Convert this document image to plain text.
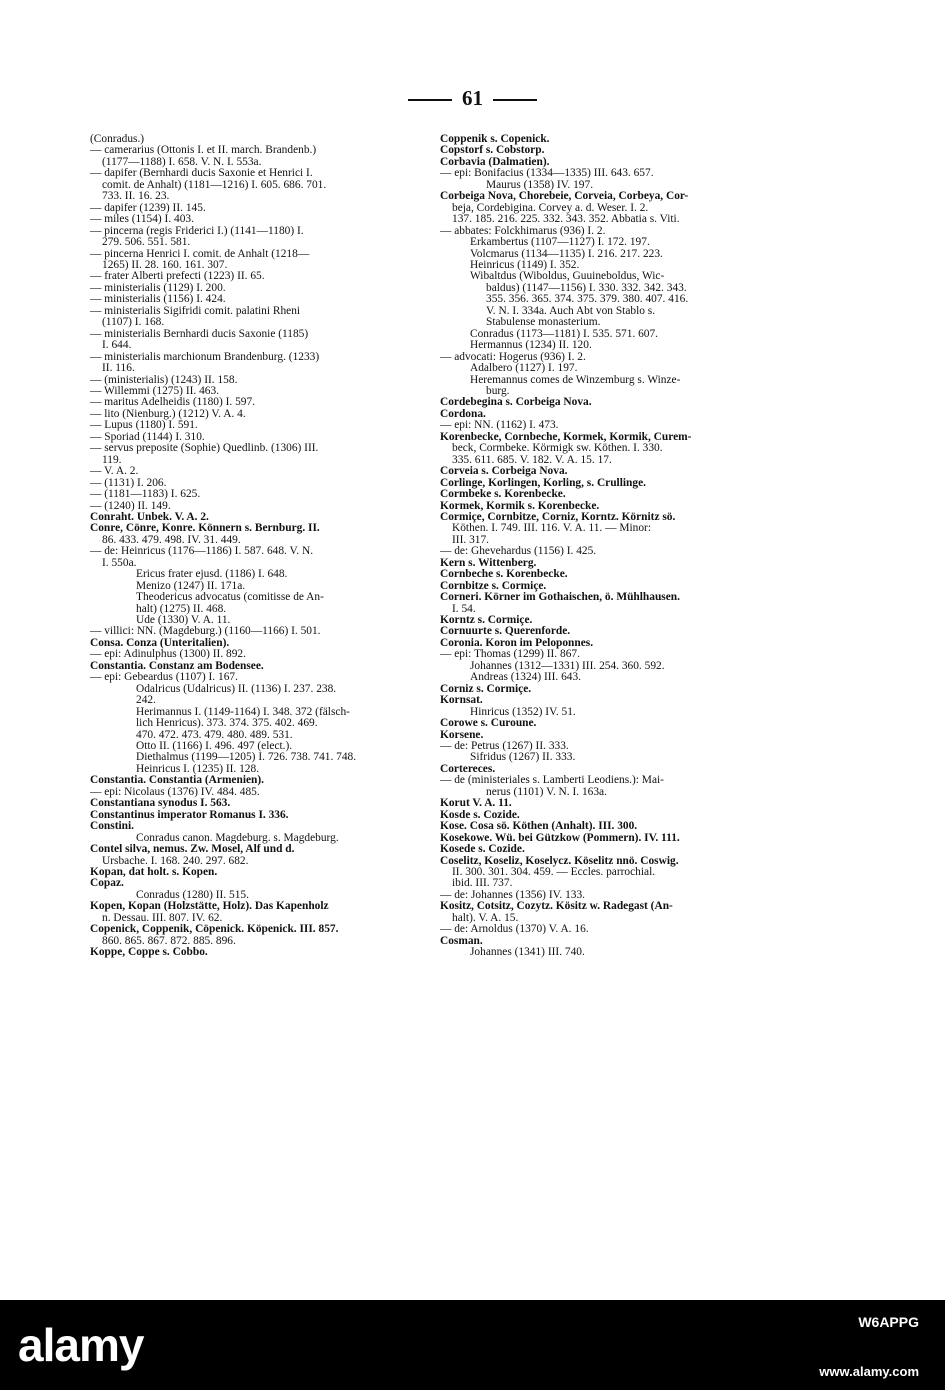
61
(Conradus.)
— camerarius (Ottonis I. et II. march. Brandenb.)
(1177—1188) I. 658. V. N. I. 553a.
— dapifer (Bernhardi ducis Saxonie et Henrici I.
comit. de Anhalt) (1181—1216) I. 605. 686. 701.
733. II. 16. 23.
— dapifer (1239) II. 145.
— miles (1154) I. 403.
— pincerna (regis Friderici I.) (1141—1180) I.
279. 506. 551. 581.
— pincerna Henrici I. comit. de Anhalt (1218—
1265) II. 28. 160. 161. 307.
— frater Alberti prefecti (1223) II. 65.
— ministerialis (1129) I. 200.
— ministerialis (1156) I. 424.
— ministerialis Sigifridi comit. palatini Rheni
(1107) I. 168.
— ministerialis Bernhardi ducis Saxonie (1185)
I. 644.
— ministerialis marchionum Brandenburg. (1233)
II. 116.
— (ministerialis) (1243) II. 158.
— Willemmi (1275) II. 463.
— maritus Adelheidis (1180) I. 597.
— lito (Nienburg.) (1212) V. A. 4.
— Lupus (1180) I. 591.
— Sporiad (1144) I. 310.
— servus preposite (Sophie) Quedlinb. (1306) III.
119.
— V. A. 2.
— (1131) I. 206.
— (1181—1183) I. 625.
— (1240) II. 149.
Conraht. Unbek. V. A. 2.
Conre, Cönre, Konre. Könnern s. Bernburg. II.
86. 433. 479. 498. IV. 31. 449.
— de: Heinricus (1176—1186) I. 587. 648. V. N.
I. 550a.
Ericus frater ejusd. (1186) I. 648.
Menizo (1247) II. 171a.
Theodericus advocatus (comitisse de An-
halt) (1275) II. 468.
Ude (1330) V. A. 11.
— villici: NN. (Magdeburg.) (1160—1166) I. 501.
Consa. Conza (Unteritalien).
— epi: Adinulphus (1300) II. 892.
Constantia. Constanz am Bodensee.
— epi: Gebeardus (1107) I. 167.
Odalricus (Udalricus) II. (1136) I. 237. 238.
242.
Herimannus I. (1149-1164) I. 348. 372 (fälsch-
lich Henricus). 373. 374. 375. 402. 469.
470. 472. 473. 479. 480. 489. 531.
Otto II. (1166) I. 496. 497 (elect.).
Diethalmus (1199—1205) I. 726. 738. 741. 748.
Heinricus I. (1235) II. 128.
Constantia. Constantia (Armenien).
— epi: Nicolaus (1376) IV. 484. 485.
Constantiana synodus I. 563.
Constantinus imperator Romanus I. 336.
Constini.
Conradus canon. Magdeburg. s. Magdeburg.
Contel silva, nemus. Zw. Mosel, Alf und d.
Ürsbache. I. 168. 240. 297. 682.
Kopan, dat holt. s. Kopen.
Copaz.
Conradus (1280) II. 515.
Kopen, Kopan (Holzstätte, Holz). Das Kapenholz
n. Dessau. III. 807. IV. 62.
Copenick, Coppenik, Cöpenick. Köpenick. III. 857.
860. 865. 867. 872. 885. 896.
Koppe, Coppe s. Cobbo.
Coppenik s. Copenick.
Copstorf s. Cobstorp.
Corbavia (Dalmatien).
— epi: Bonifacius (1334—1335) III. 643. 657.
Maurus (1358) IV. 197.
Corbeiga Nova, Chorebeie, Corveia, Corbeya, Cor-
beja, Cordebigina. Corvey a. d. Weser. I. 2.
137. 185. 216. 225. 332. 343. 352. Abbatia s. Viti.
— abbates: Folckhimarus (936) I. 2.
Erkambertus (1107—1127) I. 172. 197.
Volcmarus (1134—1135) I. 216. 217. 223.
Heinricus (1149) I. 352.
Wibaltdus (Wiboldus, Guuineboldus, Wic-
baldus) (1147—1156) I. 330. 332. 342. 343.
355. 356. 365. 374. 375. 379. 380. 407. 416.
V. N. I. 334a. Auch Abt von Stablo s.
Stabulense monasterium.
Conradus (1173—1181) I. 535. 571. 607.
Hermannus (1234) II. 120.
— advocati: Hogerus (936) I. 2.
Adalbero (1127) I. 197.
Heremannus comes de Winzemburg s. Winze-
burg.
Cordebegina s. Corbeiga Nova.
Cordona.
— epi: NN. (1162) I. 473.
Korenbecke, Cornbeche, Kormek, Kormik, Curem-
beck, Cormbeke. Körmigk sw. Köthen. I. 330.
335. 611. 685. V. 182. V. A. 15. 17.
Corveia s. Corbeiga Nova.
Corlinge, Korlingen, Korling, s. Crullinge.
Cormbeke s. Korenbecke.
Kormek, Kormik s. Korenbecke.
Cormiçe, Cornbitze, Corniz, Korntz. Körnitz sö.
Köthen. I. 749. III. 116. V. A. 11. — Minor:
III. 317.
— de: Ghevehardus (1156) I. 425.
Kern s. Wittenberg.
Cornbeche s. Korenbecke.
Cornbitze s. Cormiçe.
Corneri. Körner im Gothaischen, ö. Mühlhausen.
I. 54.
Korntz s. Cormiçe.
Cornuurte s. Querenforde.
Coronia. Koron im Peloponnes.
— epi: Thomas (1299) II. 867.
Johannes (1312—1331) III. 254. 360. 592.
Andreas (1324) III. 643.
Corniz s. Cormiçe.
Kornsat.
Hinricus (1352) IV. 51.
Corowe s. Curoune.
Korsene.
— de: Petrus (1267) II. 333.
Sifridus (1267) II. 333.
Cortereces.
— de (ministeriales s. Lamberti Leodiens.): Mai-
nerus (1101) V. N. I. 163a.
Korut V. A. 11.
Kosde s. Cozide.
Kose. Cosa sö. Köthen (Anhalt). III. 300.
Kosekowe. Wü. bei Gützkow (Pommern). IV. 111.
Kosede s. Cozide.
Coselitz, Koseliz, Koselycz. Köselitz nnö. Coswig.
II. 300. 301. 304. 459. — Eccles. parrochial.
ibid. III. 737.
— de: Johannes (1356) IV. 133.
Kositz, Cotsitz, Cozytz. Kösitz w. Radegast (An-
halt). V. A. 15.
— de: Arnoldus (1370) V. A. 16.
Cosman.
Johannes (1341) III. 740.
alamy	W6APPG
www.alamy.com
